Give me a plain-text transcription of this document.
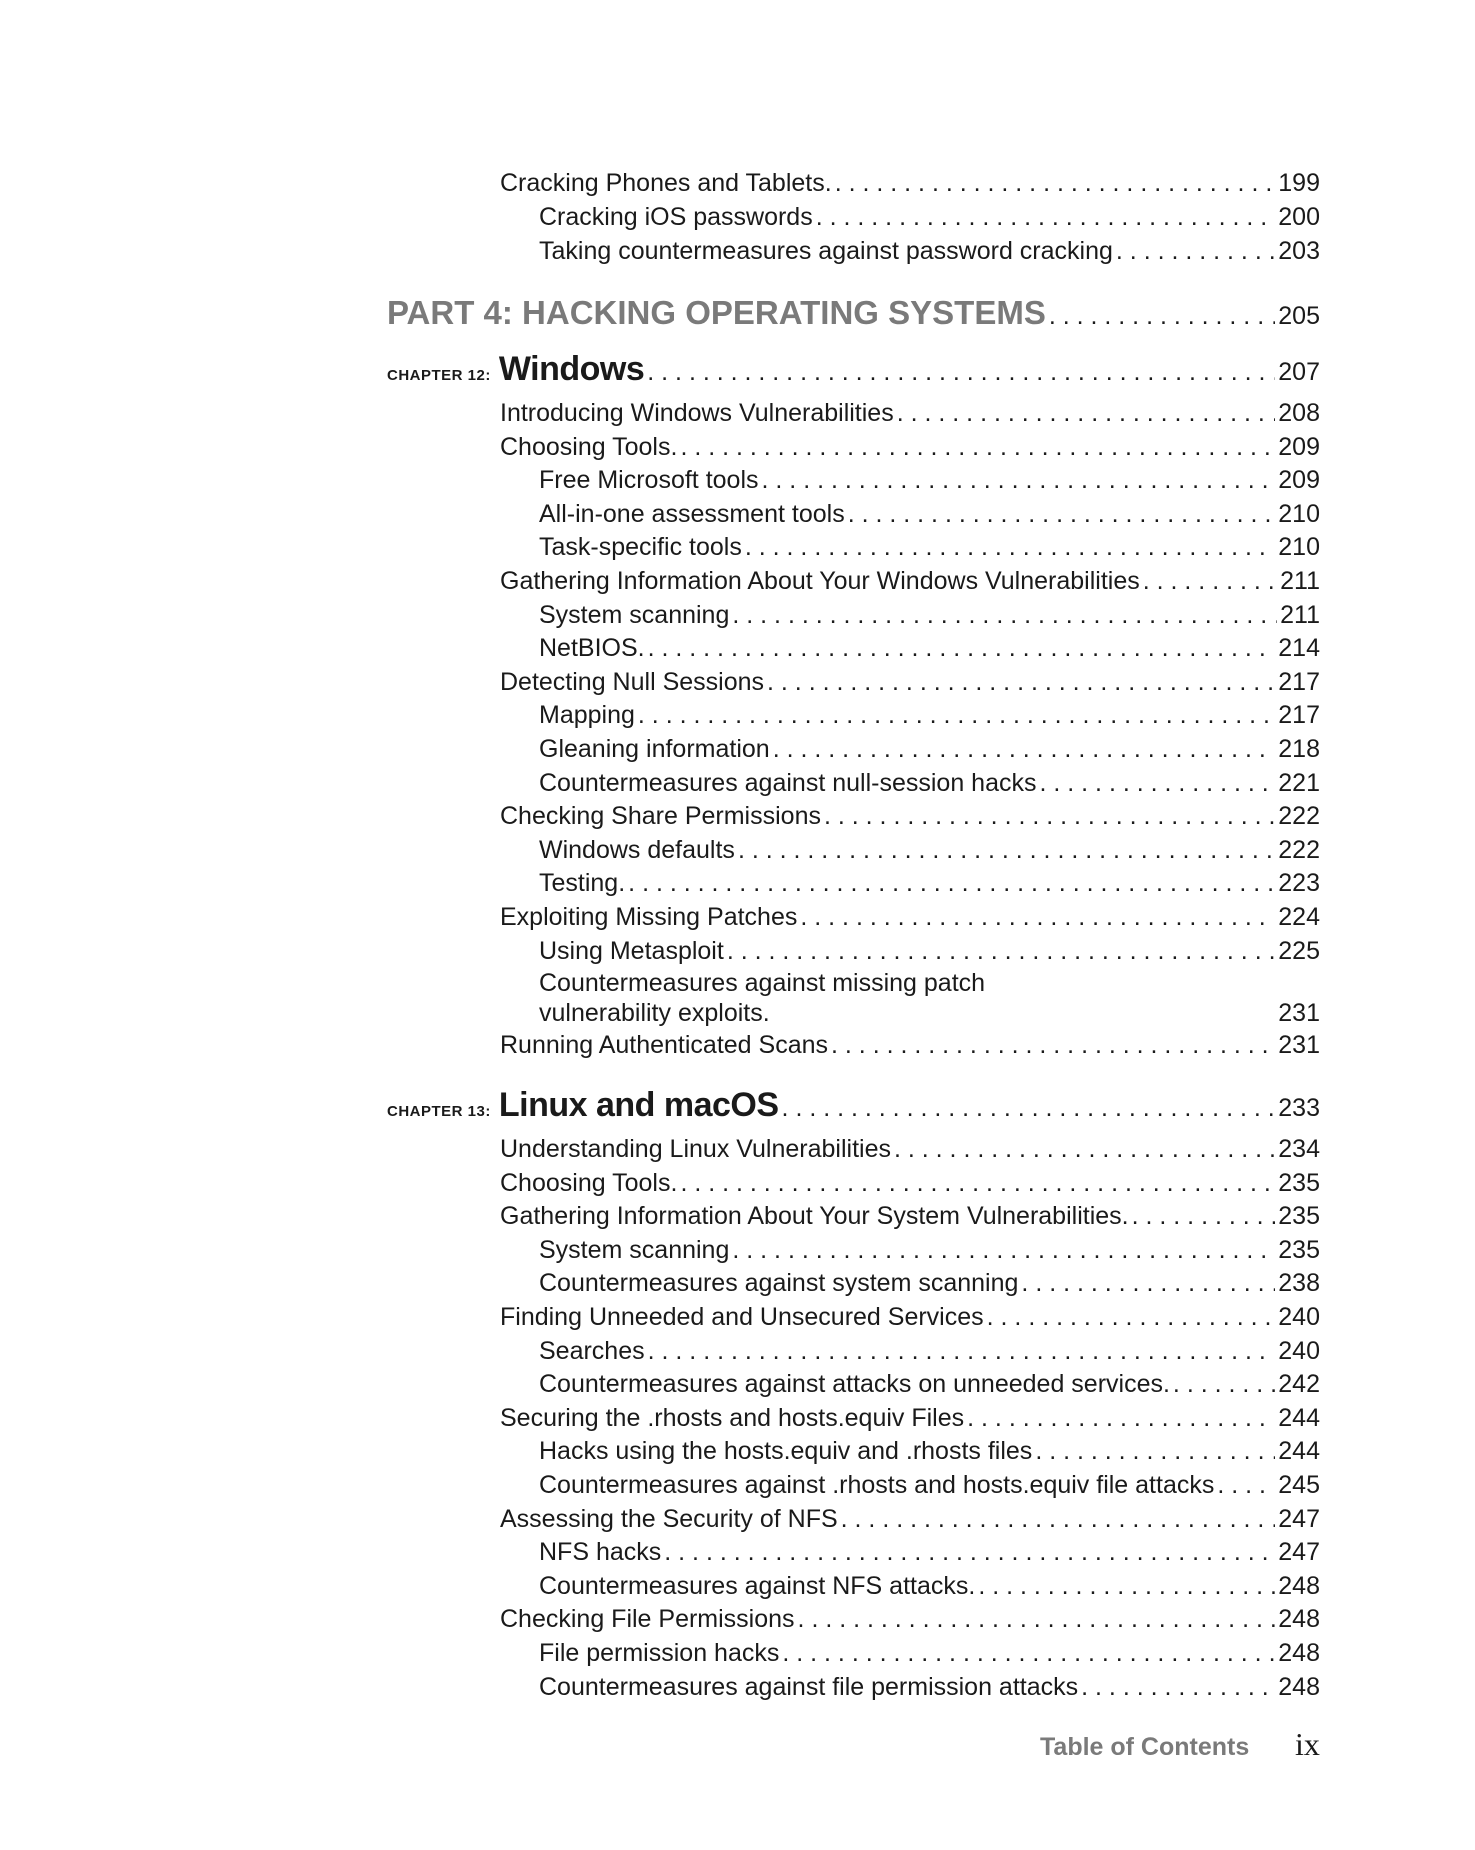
Cracking Phones and Tablets. . . .	199
Cracking iOS passwords . . .	200
Taking countermeasures against password cracking . . .	203
PART 4: HACKING OPERATING SYSTEMS . . .	205
CHAPTER 12: Windows . . .	207
Introducing Windows Vulnerabilities . . .	208
Choosing Tools. . . .	209
Free Microsoft tools . . .	209
All-in-one assessment tools . . .	210
Task-specific tools . . .	210
Gathering Information About Your Windows Vulnerabilities . . .	211
System scanning . . .	211
NetBIOS. . . .	214
Detecting Null Sessions . . .	217
Mapping . . .	217
Gleaning information . . .	218
Countermeasures against null-session hacks . . .	221
Checking Share Permissions . . .	222
Windows defaults . . .	222
Testing. . . .	223
Exploiting Missing Patches . . .	224
Using Metasploit . . .	225
Countermeasures against missing patch
vulnerability exploits.	231
Running Authenticated Scans . . .	231
CHAPTER 13: Linux and macOS . . .	233
Understanding Linux Vulnerabilities . . .	234
Choosing Tools. . . .	235
Gathering Information About Your System Vulnerabilities. . . .	235
System scanning . . .	235
Countermeasures against system scanning . . .	238
Finding Unneeded and Unsecured Services . . .	240
Searches . . .	240
Countermeasures against attacks on unneeded services. . . .	242
Securing the .rhosts and hosts.equiv Files . . .	244
Hacks using the hosts.equiv and .rhosts files . . .	244
Countermeasures against .rhosts and hosts.equiv file attacks . . .	245
Assessing the Security of NFS . . .	247
NFS hacks . . .	247
Countermeasures against NFS attacks. . . .	248
Checking File Permissions . . .	248
File permission hacks . . .	248
Countermeasures against file permission attacks . . .	248
Table of Contents ix
